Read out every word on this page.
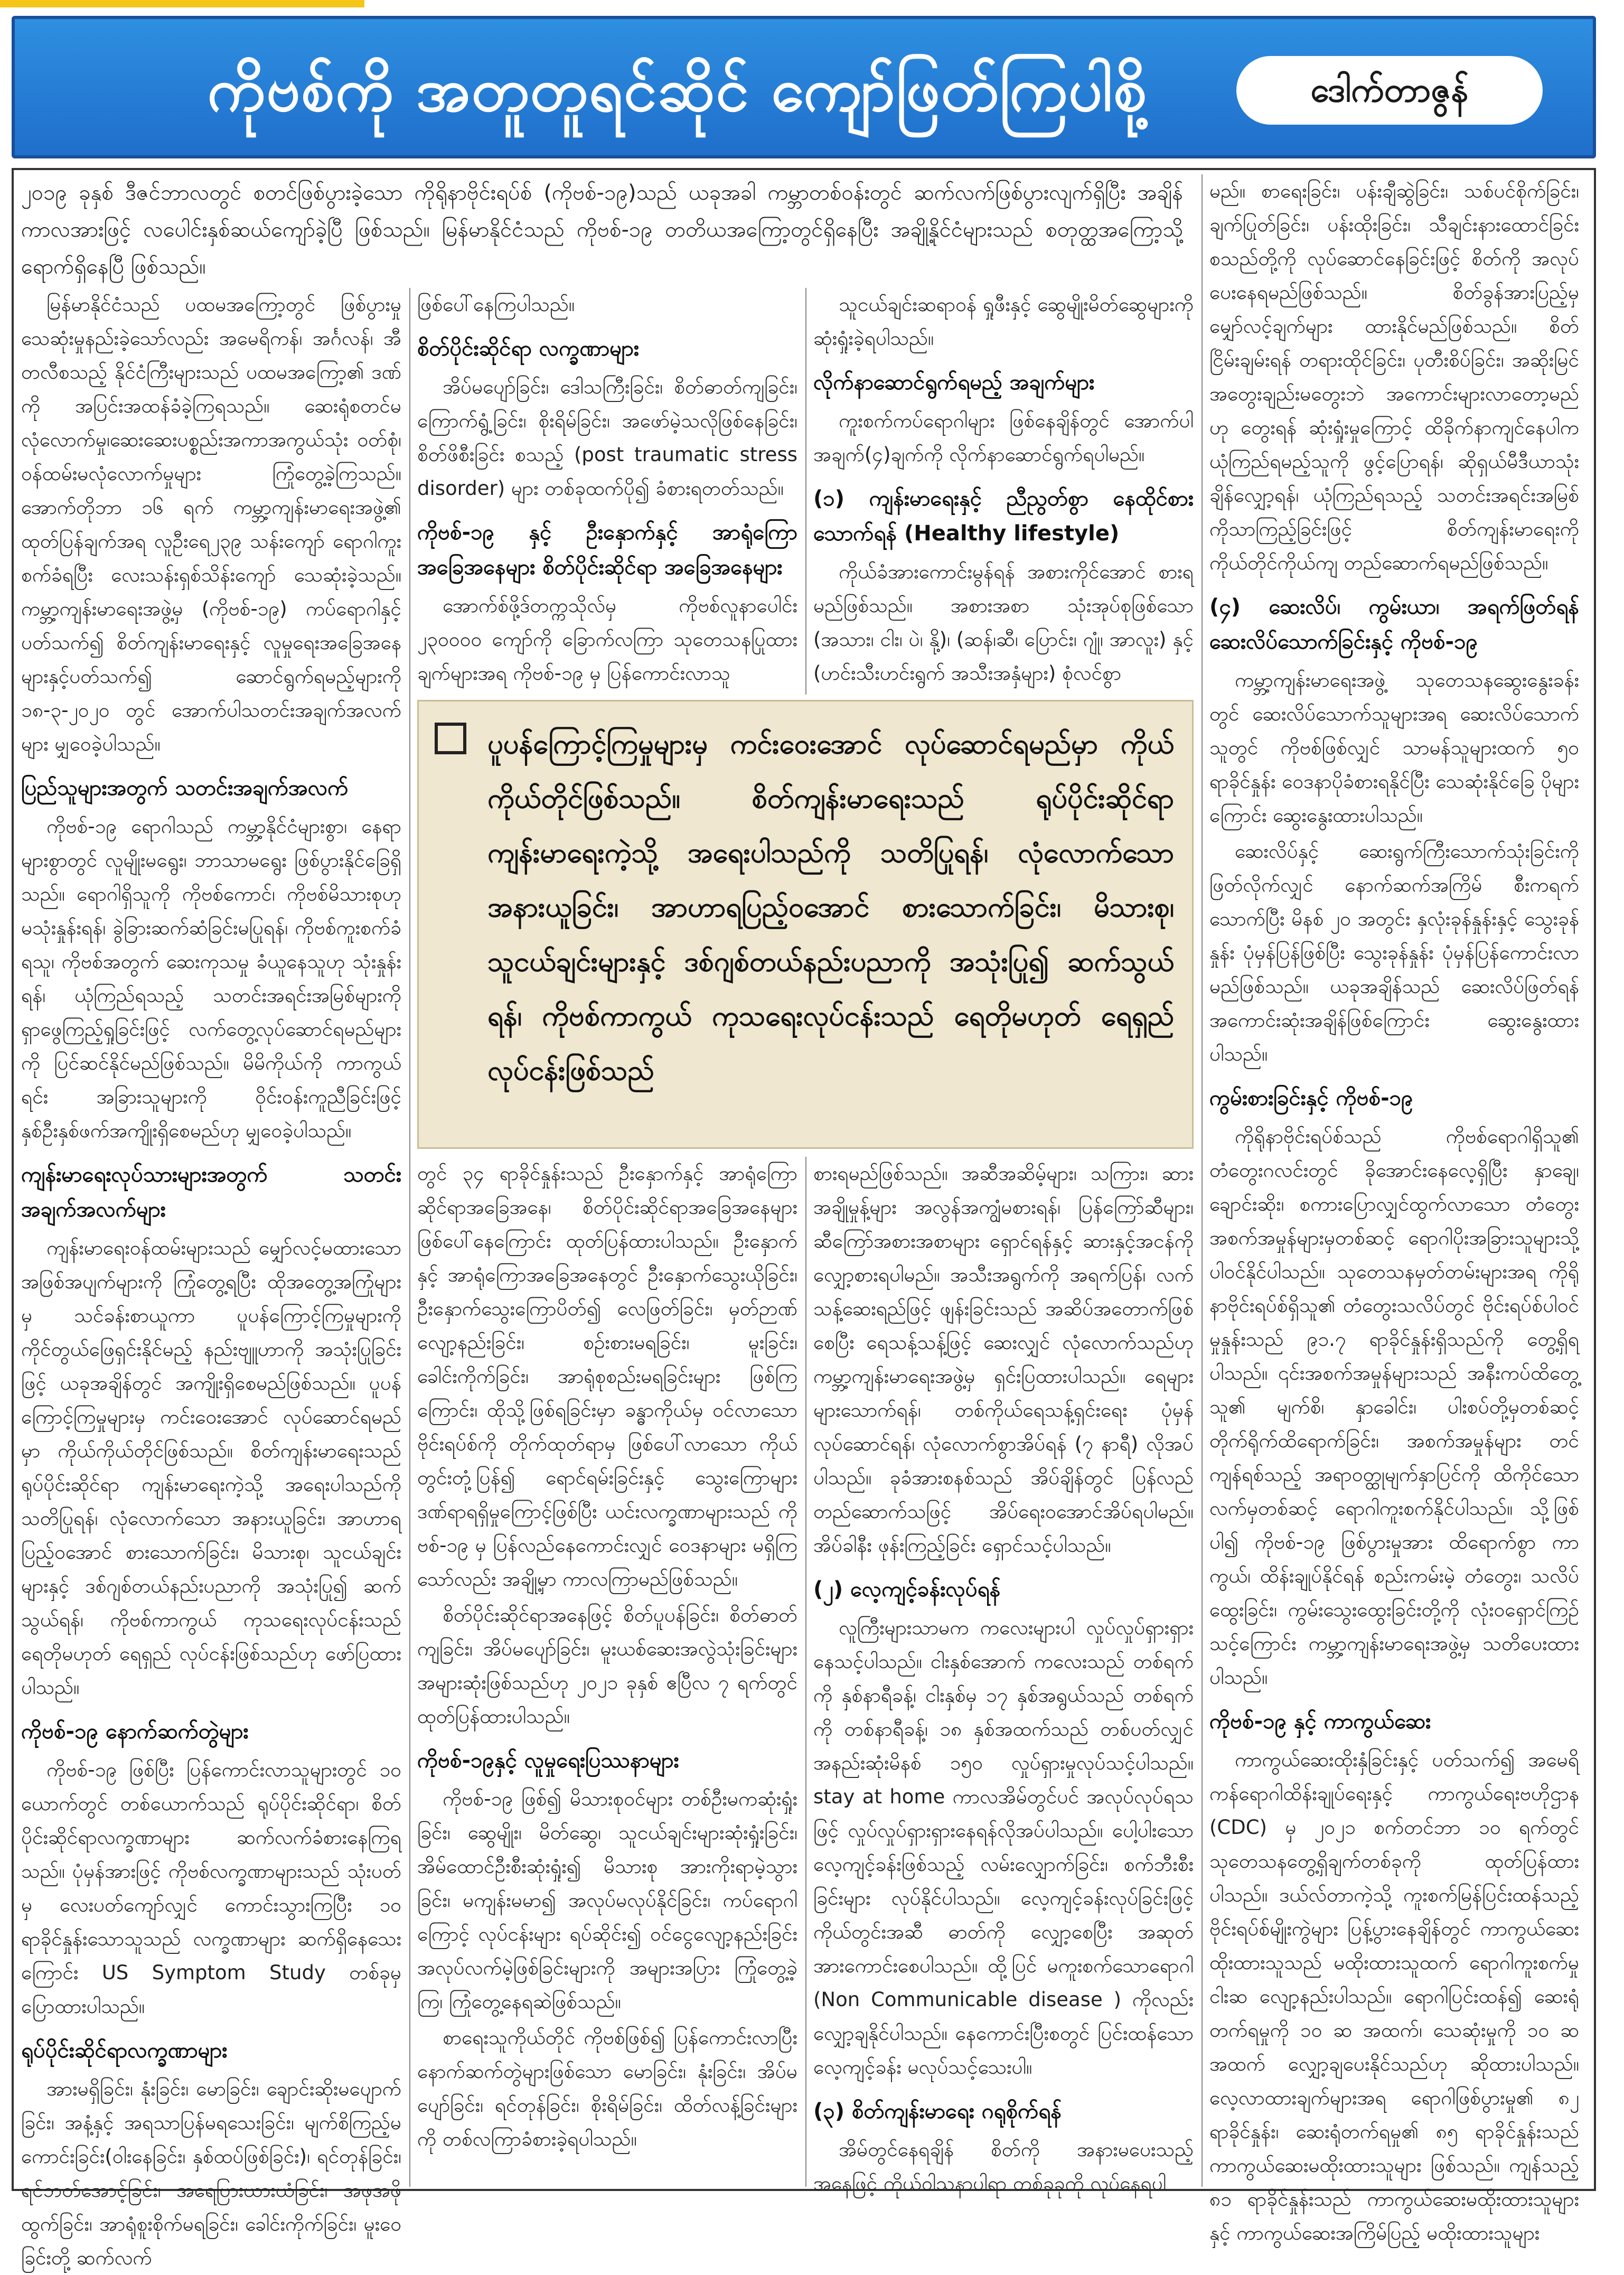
ကိုဗစ်ကို အတူတူရင်ဆိုင် ကျော်ဖြတ်ကြပါစို့	ဒေါက်တာဇွန်

၂၀၁၉ ခုနှစ် ဒီဇင်ဘာလတွင် စတင်ဖြစ်ပွားခဲ့သော ကိုရိုနာဗိုင်းရပ်စ် (ကိုဗစ်-၁၉)သည် ယခုအခါ ကမ္ဘာတစ်ဝန်းတွင် ဆက်လက်ဖြစ်ပွားလျက်ရှိပြီး အချိန်ကာလအားဖြင့် လပေါင်းနှစ်ဆယ်ကျော်ခဲ့ပြီ ဖြစ်သည်။ မြန်မာနိုင်ငံသည် ကိုဗစ်-၁၉ တတိယအကြော့တွင်ရှိနေပြီး အချို့နိုင်ငံများသည် စတုတ္ထအကြော့သို့ ရောက်ရှိနေပြီ ဖြစ်သည်။

မြန်မာနိုင်ငံသည် ပထမအကြော့တွင် ဖြစ်ပွားမှုသေဆုံးမှုနည်းခဲ့သော်လည်း အမေရိကန်၊ အင်္ဂလန်၊ အီတလီစသည့် နိုင်ငံကြီးများသည် ပထမအကြော့၏ ဒဏ်ကို အပြင်းအထန်ခံခဲ့ကြရသည်။ ဆေးရုံစတင်မလုံလောက်မှု၊ဆေးဆေးပစ္စည်းအကာအကွယ်သုံး ဝတ်စုံ၊ ဝန်ထမ်းမလုံလောက်မှုများ ကြုံတွေ့ခဲ့ကြသည်။ အောက်တိုဘာ ၁၆ ရက် ကမ္ဘာ့ကျန်းမာရေးအဖွဲ့၏ ထုတ်ပြန်ချက်အရ လူဦးရေ၂၃၉ သန်းကျော် ရောဂါကူးစက်ခံရပြီး လေးသန်းရှစ်သိန်းကျော် သေဆုံးခဲ့သည်။ ကမ္ဘာ့ကျန်းမာရေးအဖွဲ့မှ (ကိုဗစ်-၁၉) ကပ်ရောဂါနှင့် ပတ်သက်၍ စိတ်ကျန်းမာရေးနှင့် လူမှုရေးအခြေအနေများနှင့်ပတ်သက်၍ ဆောင်ရွက်ရမည့်များကို ၁၈-၃-၂၀၂၀ တွင် အောက်ပါသတင်းအချက်အလက်များ မျှဝေခဲ့ပါသည်။

ပြည်သူများအတွက် သတင်းအချက်အလက်

ကိုဗစ်-၁၉ ရောဂါသည် ကမ္ဘာ့နိုင်ငံများစွာ၊ နေရာများစွာတွင် လူမျိုးမရွေး၊ ဘာသာမရွေး ဖြစ်ပွားနိုင်ခြေရှိသည်။ ရောဂါရှိသူကို ကိုဗစ်ကောင်၊ ကိုဗစ်မိသားစုဟု မသုံးနှုန်းရန်၊ ခွဲခြားဆက်ဆံခြင်းမပြုရန်၊ ကိုဗစ်ကူးစက်ခံရသူ၊ ကိုဗစ်အတွက် ဆေးကုသမှု ခံယူနေသူဟု သုံးနှုန်းရန်၊ ယုံကြည်ရသည့် သတင်းအရင်းအမြစ်များကို ရှာဖွေကြည့်ရှုခြင်းဖြင့် လက်တွေ့လုပ်ဆောင်ရမည်များကို ပြင်ဆင်နိုင်မည်ဖြစ်သည်။ မိမိကိုယ်ကို ကာကွယ်ရင်း အခြားသူများကို ဝိုင်းဝန်းကူညီခြင်းဖြင့် နှစ်ဦးနှစ်ဖက်အကျိုးရှိစေမည်ဟု မျှဝေခဲ့ပါသည်။

ကျန်းမာရေးလုပ်သားများအတွက် သတင်းအချက်အလက်များ

ကျန်းမာရေးဝန်ထမ်းများသည် မျှော်လင့်မထားသော အဖြစ်အပျက်များကို ကြုံတွေ့ရပြီး ထိုအတွေ့အကြုံများမှ သင်ခန်းစာယူကာ ပူပန်ကြောင့်ကြမှုများကို ကိုင်တွယ်ဖြေရှင်းနိုင်မည့် နည်းဗျူဟာကို အသုံးပြုခြင်းဖြင့် ယခုအချိန်တွင် အကျိုးရှိစေမည်ဖြစ်သည်။ ပူပန်ကြောင့်ကြမှုများမှ ကင်းဝေးအောင် လုပ်ဆောင်ရမည်မှာ ကိုယ်ကိုယ်တိုင်ဖြစ်သည်။ စိတ်ကျန်းမာရေးသည် ရုပ်ပိုင်းဆိုင်ရာ ကျန်းမာရေးကဲ့သို့ အရေးပါသည်ကို သတိပြုရန်၊ လုံလောက်သော အနားယူခြင်း၊ အာဟာရပြည့်ဝအောင် စားသောက်ခြင်း၊ မိသားစု၊ သူငယ်ချင်းများနှင့် ဒစ်ဂျစ်တယ်နည်းပညာကို အသုံးပြု၍ ဆက်သွယ်ရန်၊ ကိုဗစ်ကာကွယ် ကုသရေးလုပ်ငန်းသည် ရေတိုမဟုတ် ရေရှည် လုပ်ငန်းဖြစ်သည်ဟု ဖော်ပြထားပါသည်။

ကိုဗစ်-၁၉ နောက်ဆက်တွဲများ

ကိုဗစ်-၁၉ ဖြစ်ပြီး ပြန်ကောင်းလာသူများတွင် ၁၀ ယောက်တွင် တစ်ယောက်သည် ရုပ်ပိုင်းဆိုင်ရာ၊ စိတ်ပိုင်းဆိုင်ရာလက္ခဏာများ ဆက်လက်ခံစားနေကြရသည်။ ပုံမှန်အားဖြင့် ကိုဗစ်လက္ခဏာများသည် သုံးပတ်မှ လေးပတ်ကျော်လျှင် ကောင်းသွားကြပြီး ၁၀ ရာခိုင်နှုန်းသောသူသည် လက္ခဏာများ ဆက်ရှိနေသေးကြောင်း US Symptom Study တစ်ခုမှ ပြောထားပါသည်။

ရုပ်ပိုင်းဆိုင်ရာလက္ခဏာများ

အားမရှိခြင်း၊ နုံးခြင်း၊ မောခြင်း၊ ချောင်းဆိုးမပျောက်ခြင်း၊ အနံ့နှင့် အရသာပြန်မရသေးခြင်း၊ မျက်စိကြည့်မကောင်းခြင်း(ဝါးနေခြင်း၊ နှစ်ထပ်ဖြစ်ခြင်း)၊ ရင်တုန်ခြင်း၊ ရင်ဘတ်အောင့်ခြင်း၊ အရေပြားယားယံခြင်း၊ အဖုအဖိုထွက်ခြင်း၊ အာရုံစူးစိုက်မရခြင်း၊ ခေါင်းကိုက်ခြင်း၊ မူးဝေခြင်းတို့ ဆက်လက်

ဖြစ်ပေါ်နေကြပါသည်။

စိတ်ပိုင်းဆိုင်ရာ လက္ခဏာများ

အိပ်မပျော်ခြင်း၊ ဒေါသကြီးခြင်း၊ စိတ်ဓာတ်ကျခြင်း၊ ကြောက်ရွံ့ခြင်း၊ စိုးရိမ်ခြင်း၊ အဖော်မဲ့သလိုဖြစ်နေခြင်း၊ စိတ်ဖိစီးခြင်း စသည့် (post traumatic stress disorder) များ တစ်ခုထက်ပို၍ ခံစားရတတ်သည်။

ကိုဗစ်-၁၉ နှင့် ဦးနှောက်နှင့် အာရုံကြောအခြေအနေများ စိတ်ပိုင်းဆိုင်ရာ အခြေအနေများ

အောက်စ်ဖို့ဒ်တက္ကသိုလ်မှ ကိုဗစ်လူနာပေါင်း ၂၃၀၀၀၀ ကျော်ကို ခြောက်လကြာ သုတေသနပြုထားချက်များအရ ကိုဗစ်-၁၉ မှ ပြန်ကောင်းလာသူ

သူငယ်ချင်းဆရာဝန် ရှုဖီးနှင့် ဆွေမျိုးမိတ်ဆွေများကို ဆုံးရှုံးခဲ့ရပါသည်။

လိုက်နာဆောင်ရွက်ရမည့် အချက်များ

ကူးစက်ကပ်ရောဂါများ ဖြစ်နေချိန်တွင် အောက်ပါအချက်(၄)ချက်ကို လိုက်နာဆောင်ရွက်ရပါမည်။

(၁) ကျန်းမာရေးနှင့် ညီညွတ်စွာ နေထိုင်စားသောက်ရန် (Healthy lifestyle)

ကိုယ်ခံအားကောင်းမွန်ရန် အစားကိုင်အောင် စားရမည်ဖြစ်သည်။ အစားအစာ သုံးအုပ်စုဖြစ်သော (အသား၊ ငါး၊ ပဲ၊ နို့)၊ (ဆန်၊ဆီ၊ ပြောင်း၊ ဂျုံ၊ အာလူး) နှင့် (ဟင်းသီးဟင်းရွက် အသီးအနှံများ) စုံလင်စွာ

ပူပန်ကြောင့်ကြမှုများမှ ကင်းဝေးအောင် လုပ်ဆောင်ရမည်မှာ ကိုယ်ကိုယ်တိုင်ဖြစ်သည်။ စိတ်ကျန်းမာရေးသည် ရုပ်ပိုင်းဆိုင်ရာ ကျန်းမာရေးကဲ့သို့ အရေးပါသည်ကို သတိပြုရန်၊ လုံလောက်သော အနားယူခြင်း၊ အာဟာရပြည့်ဝအောင် စားသောက်ခြင်း၊ မိသားစု၊ သူငယ်ချင်းများနှင့် ဒစ်ဂျစ်တယ်နည်းပညာကို အသုံးပြု၍ ဆက်သွယ်ရန်၊ ကိုဗစ်ကာကွယ် ကုသရေးလုပ်ငန်းသည် ရေတိုမဟုတ် ရေရှည် လုပ်ငန်းဖြစ်သည်

တွင် ၃၄ ရာခိုင်နှုန်းသည် ဦးနှောက်နှင့် အာရုံကြောဆိုင်ရာအခြေအနေ၊ စိတ်ပိုင်းဆိုင်ရာအခြေအနေများ ဖြစ်ပေါ်နေကြောင်း ထုတ်ပြန်ထားပါသည်။ ဦးနှောက်နှင့် အာရုံကြောအခြေအနေတွင် ဦးနှောက်သွေးယိုခြင်း၊ ဦးနှောက်သွေးကြောပိတ်၍ လေဖြတ်ခြင်း၊ မှတ်ဉာဏ်လျော့နည်းခြင်း၊ စဉ်းစားမရခြင်း၊ မူးခြင်း၊ ခေါင်းကိုက်ခြင်း၊ အာရုံစုစည်းမရခြင်းများ ဖြစ်ကြကြောင်း၊ ထိုသို့ဖြစ်ရခြင်းမှာ ခန္ဓာကိုယ်မှ ဝင်လာသောဗိုင်းရပ်စ်ကို တိုက်ထုတ်ရာမှ ဖြစ်ပေါ်လာသော ကိုယ်တွင်းတုံ့ပြန်၍ ရောင်ရမ်းခြင်းနှင့် သွေးကြောများ ဒဏ်ရာရရှိမှုကြောင့်ဖြစ်ပြီး ယင်းလက္ခဏာများသည် ကိုဗစ်-၁၉ မှ ပြန်လည်နေကောင်းလျှင် ဝေဒနာများ မရှိကြသော်လည်း အချို့မှာ ကာလကြာမည်ဖြစ်သည်။

စိတ်ပိုင်းဆိုင်ရာအနေဖြင့် စိတ်ပူပန်ခြင်း၊ စိတ်ဓာတ်ကျခြင်း၊ အိပ်မပျော်ခြင်း၊ မူးယစ်ဆေးအလွဲသုံးခြင်းများ အများဆုံးဖြစ်သည်ဟု ၂၀၂၁ ခုနှစ် ဧပြီလ ၇ ရက်တွင် ထုတ်ပြန်ထားပါသည်။

ကိုဗစ်-၁၉နှင့် လူမှုရေးပြဿနာများ

ကိုဗစ်-၁၉ ဖြစ်၍ မိသားစုဝင်များ တစ်ဦးမကဆုံးရှုံးခြင်း၊ ဆွေမျိုး၊ မိတ်ဆွေ၊ သူငယ်ချင်းများဆုံးရှုံးခြင်း၊ အိမ်ထောင်ဦးစီးဆုံးရှုံး၍ မိသားစု အားကိုးရာမဲ့သွားခြင်း၊ မကျန်းမမာ၍ အလုပ်မလုပ်နိုင်ခြင်း၊ ကပ်ရောဂါကြောင့် လုပ်ငန်းများ ရပ်ဆိုင်း၍ ဝင်ငွေလျော့နည်းခြင်းအလုပ်လက်မဲ့ဖြစ်ခြင်းများကို အများအပြား ကြုံတွေ့ခဲ့ကြ၊ ကြုံတွေ့နေရဆဲဖြစ်သည်။

စာရေးသူကိုယ်တိုင် ကိုဗစ်ဖြစ်၍ ပြန်ကောင်းလာပြီး နောက်ဆက်တွဲများဖြစ်သော မောခြင်း၊ နုံးခြင်း၊ အိပ်မပျော်ခြင်း၊ ရင်တုန်ခြင်း၊ စိုးရိမ်ခြင်း၊ ထိတ်လန့်ခြင်းများကို တစ်လကြာခံစားခဲ့ရပါသည်။

စားရမည်ဖြစ်သည်။ အဆီအဆိမ့်များ၊ သကြား၊ ဆားအချိုမှုန့်များ အလွန်အကျွံမစားရန်၊ ပြန်ကြော်ဆီများ၊ ဆီကြော်အစားအစာများ ရှောင်ရန်နှင့် ဆားနှင့်အငန်ကို လျှော့စားရပါမည်။ အသီးအရွက်ကို အရက်ပြန်၊ လက်သန့်ဆေးရည်ဖြင့် ဖျန်းခြင်းသည် အဆိပ်အတောက်ဖြစ်စေပြီး ရေသန့်သန့်ဖြင့် ဆေးလျှင် လုံလောက်သည်ဟု ကမ္ဘာ့ကျန်းမာရေးအဖွဲ့မှ ရှင်းပြထားပါသည်။ ရေများများသောက်ရန်၊ တစ်ကိုယ်ရေသန့်ရှင်းရေး ပုံမှန်လုပ်ဆောင်ရန်၊ လုံလောက်စွာအိပ်ရန် (၇ နာရီ) လိုအပ်ပါသည်။ ခုခံအားစနစ်သည် အိပ်ချိန်တွင် ပြန်လည်တည်ဆောက်သဖြင့် အိပ်ရေးဝအောင်အိပ်ရပါမည်။ အိပ်ခါနီး ဖုန်းကြည့်ခြင်း ရှောင်သင့်ပါသည်။

(၂) လေ့ကျင့်ခန်းလုပ်ရန်

လူကြီးများသာမက ကလေးများပါ လှုပ်လှုပ်ရှားရှားနေသင့်ပါသည်။ ငါးနှစ်အောက် ကလေးသည် တစ်ရက်ကို နှစ်နာရီခန့်၊ ငါးနှစ်မှ ၁၇ နှစ်အရွယ်သည် တစ်ရက်ကို တစ်နာရီခန့်၊ ၁၈ နှစ်အထက်သည် တစ်ပတ်လျှင် အနည်းဆုံးမိနစ် ၁၅၀ လှုပ်ရှားမှုလုပ်သင့်ပါသည်။ stay at home ကာလအိမ်တွင်ပင် အလုပ်လုပ်ရသဖြင့် လှုပ်လှုပ်ရှားရှားနေရန်လိုအပ်ပါသည်။ ပေါ့ပါးသော လေ့ကျင့်ခန်းဖြစ်သည့် လမ်းလျှောက်ခြင်း၊ စက်ဘီးစီးခြင်းများ လုပ်နိုင်ပါသည်။ လေ့ကျင့်ခန်းလုပ်ခြင်းဖြင့် ကိုယ်တွင်းအဆီ ဓာတ်ကို လျှော့စေပြီး အဆုတ်အားကောင်းစေပါသည်။ ထို့ပြင် မကူးစက်သောရောဂါ (Non Communicable disease ) ကိုလည်း လျှော့ချနိုင်ပါသည်။ နေကောင်းပြီးစတွင် ပြင်းထန်သော လေ့ကျင့်ခန်း မလုပ်သင့်သေးပါ။

(၃) စိတ်ကျန်းမာရေး ဂရုစိုက်ရန်

အိမ်တွင်နေရချိန် စိတ်ကို အနားမပေးသည့်အနေဖြင့် ကိုယ်ဝါသနာပါရာ တစ်ခုခုကို လုပ်နေရပါ

မည်။ စာရေးခြင်း၊ ပန်းချီဆွဲခြင်း၊ သစ်ပင်စိုက်ခြင်း၊ ချက်ပြုတ်ခြင်း၊ ပန်းထိုးခြင်း၊ သီချင်းနားထောင်ခြင်း စသည်တို့ကို လုပ်ဆောင်နေခြင်းဖြင့် စိတ်ကို အလုပ်ပေးနေရမည်ဖြစ်သည်။ စိတ်ခွန်အားပြည့်မှ မျှော်လင့်ချက်များ ထားနိုင်မည်ဖြစ်သည်။ စိတ်ငြိမ်းချမ်းရန် တရားထိုင်ခြင်း၊ ပုတီးစိပ်ခြင်း၊ အဆိုးမြင်အတွေးချည်းမတွေးဘဲ အကောင်းများလာတော့မည်ဟု တွေးရန် ဆုံးရှုံးမှုကြောင့် ထိခိုက်နာကျင်နေပါက ယုံကြည်ရမည့်သူကို ဖွင့်ပြောရန်၊ ဆိုရှယ်မီဒီယာသုံးချိန်လျှော့ရန်၊ ယုံကြည်ရသည့် သတင်းအရင်းအမြစ်ကိုသာကြည့်ခြင်းဖြင့် စိတ်ကျန်းမာရေးကို ကိုယ်တိုင်ကိုယ်ကျ တည်ဆောက်ရမည်ဖြစ်သည်။

(၄) ဆေးလိပ်၊ ကွမ်းယာ၊ အရက်ဖြတ်ရန် ဆေးလိပ်သောက်ခြင်းနှင့် ကိုဗစ်-၁၉

ကမ္ဘာ့ကျန်းမာရေးအဖွဲ့ သုတေသနဆွေးနွေးခန်းတွင် ဆေးလိပ်သောက်သူများအရ ဆေးလိပ်သောက်သူတွင် ကိုဗစ်ဖြစ်လျှင် သာမန်သူများထက် ၅၀ ရာခိုင်နှုန်း ဝေဒနာပိုခံစားရနိုင်ပြီး သေဆုံးနိုင်ခြေ ပိုများကြောင်း ဆွေးနွေးထားပါသည်။

ဆေးလိပ်နှင့် ဆေးရွက်ကြီးသောက်သုံးခြင်းကို ဖြတ်လိုက်လျှင် နောက်ဆက်အကြိမ် စီးကရက်သောက်ပြီး မိနစ် ၂၀ အတွင်း နှလုံးခုန်နှုန်းနှင့် သွေးခုန်နှုန်း ပုံမှန်ပြန်ဖြစ်ပြီး သွေးခုန်နှုန်း ပုံမှန်ပြန်ကောင်းလာမည်ဖြစ်သည်။ ယခုအချိန်သည် ဆေးလိပ်ဖြတ်ရန် အကောင်းဆုံးအချိန်ဖြစ်ကြောင်း ဆွေးနွေးထားပါသည်။

ကွမ်းစားခြင်းနှင့် ကိုဗစ်-၁၉

ကိုရိုနာဗိုင်းရပ်စ်သည် ကိုဗစ်ရောဂါရှိသူ၏ တံတွေးဂလင်းတွင် ခိုအောင်းနေလေ့ရှိပြီး နှာချေ၊ ချောင်းဆိုး၊ စကားပြောလျှင်ထွက်လာသော တံတွေးအစက်အမှုန်များမှတစ်ဆင့် ရောဂါပိုးအခြားသူများသို့ ပါဝင်နိုင်ပါသည်။ သုတေသနမှတ်တမ်းများအရ ကိုရိုနာဗိုင်းရပ်စ်ရှိသူ၏ တံတွေးသလိပ်တွင် ဗိုင်းရပ်စ်ပါဝင်မှုနှုန်းသည် ၉၁.၇ ရာခိုင်နှုန်းရှိသည်ကို တွေ့ရှိရပါသည်။ ၎င်းအစက်အမှုန်များသည် အနီးကပ်ထိတွေ့သူ၏ မျက်စိ၊ နှာခေါင်း၊ ပါးစပ်တို့မှတစ်ဆင့် တိုက်ရိုက်ထိရောက်ခြင်း၊ အစက်အမှုန်များ တင်ကျန်ရစ်သည့် အရာဝတ္ထုမျက်နှာပြင်ကို ထိကိုင်သောလက်မှတစ်ဆင့် ရောဂါကူးစက်နိုင်ပါသည်။ သို့ဖြစ်ပါ၍ ကိုဗစ်-၁၉ ဖြစ်ပွားမှုအား ထိရောက်စွာ ကာကွယ်၊ ထိန်းချုပ်နိုင်ရန် စည်းကမ်းမဲ့ တံတွေး၊ သလိပ်ထွေးခြင်း၊ ကွမ်းသွေးထွေးခြင်းတို့ကို လုံးဝရှောင်ကြဉ်သင့်ကြောင်း ကမ္ဘာ့ကျန်းမာရေးအဖွဲ့မှ သတိပေးထားပါသည်။

ကိုဗစ်-၁၉ နှင့် ကာကွယ်ဆေး

ကာကွယ်ဆေးထိုးနှံခြင်းနှင့် ပတ်သက်၍ အမေရိကန်ရောဂါထိန်းချုပ်ရေးနှင့် ကာကွယ်ရေးဗဟိုဌာန (CDC) မှ ၂၀၂၁ စက်တင်ဘာ ၁၀ ရက်တွင် သုတေသနတွေ့ရှိချက်တစ်ခုကို ထုတ်ပြန်ထားပါသည်။ ဒယ်လ်တာကဲ့သို့ ကူးစက်မြန်ပြင်းထန်သည့် ဗိုင်းရပ်စ်မျိုးကွဲများ ပြန့်ပွားနေချိန်တွင် ကာကွယ်ဆေးထိုးထားသူသည် မထိုးထားသူထက် ရောဂါကူးစက်မှု ငါးဆ လျော့နည်းပါသည်။ ရောဂါပြင်းထန်၍ ဆေးရုံတက်ရမှုကို ၁၀ ဆ အထက်၊ သေဆုံးမှုကို ၁၀ ဆအထက် လျှော့ချပေးနိုင်သည်ဟု ဆိုထားပါသည်။ လေ့လာထားချက်များအရ ရောဂါဖြစ်ပွားမှု၏ ၈၂ ရာခိုင်နှုန်း၊ ဆေးရုံတက်ရမှု၏ ၈၅ ရာခိုင်နှုန်းသည် ကာကွယ်ဆေးမထိုးထားသူများ ဖြစ်သည်။ ကျန်သည့် ၈၁ ရာခိုင်နှုန်းသည် ကာကွယ်ဆေးမထိုးထားသူများနှင့် ကာကွယ်ဆေးအကြိမ်ပြည့် မထိုးထားသူများ
